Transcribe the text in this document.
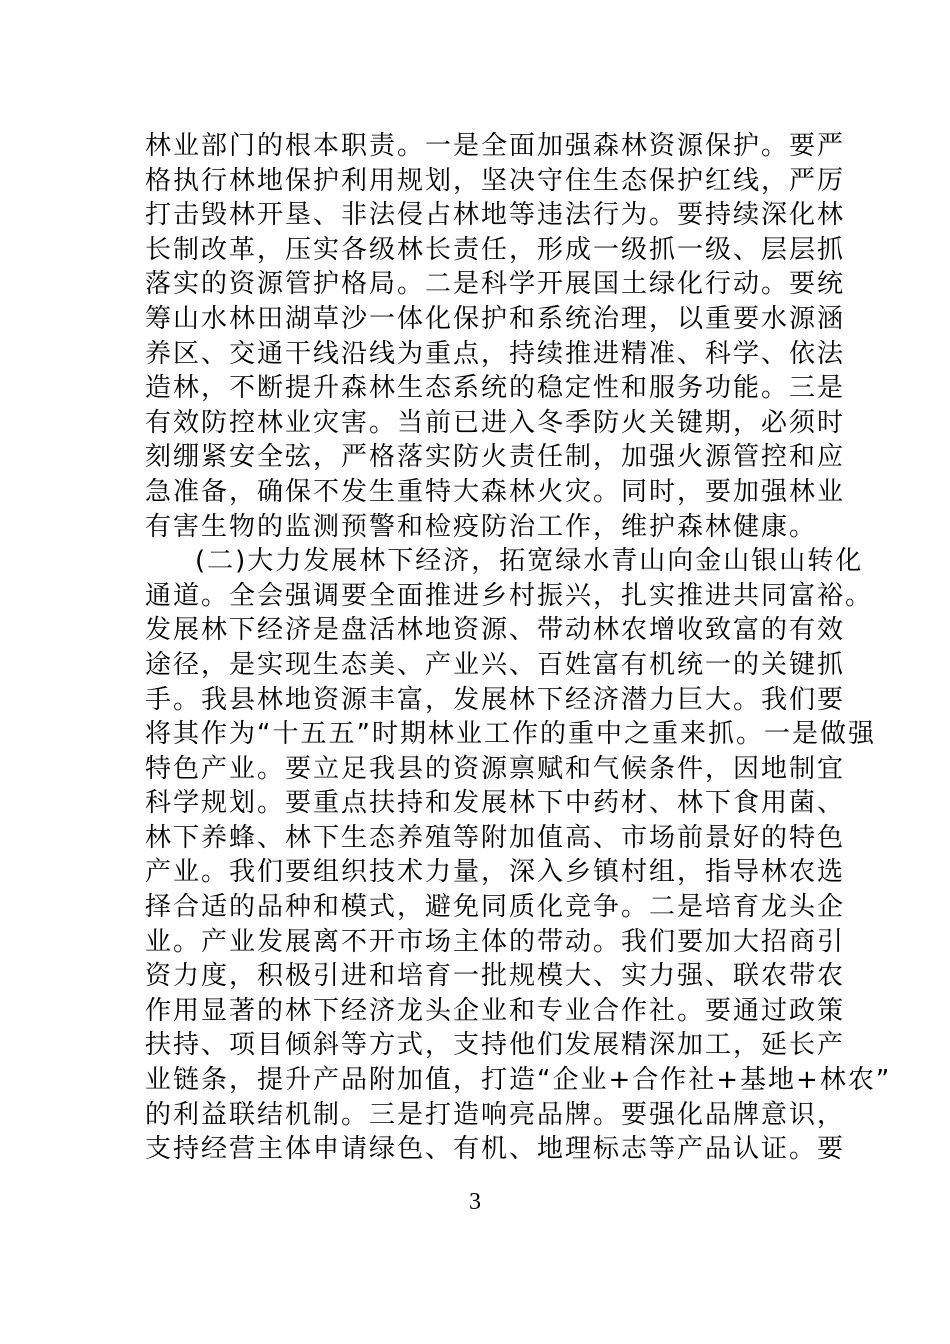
林业部门的根本职责。一是全面加强森林资源保护。要严
格执行林地保护利用规划，坚决守住生态保护红线，严厉
打击毁林开垦、非法侵占林地等违法行为。要持续深化林
长制改革，压实各级林长责任，形成一级抓一级、层层抓
落实的资源管护格局。二是科学开展国土绿化行动。要统
筹山水林田湖草沙一体化保护和系统治理，以重要水源涵
养区、交通干线沿线为重点，持续推进精准、科学、依法
造林，不断提升森林生态系统的稳定性和服务功能。三是
有效防控林业灾害。当前已进入冬季防火关键期，必须时
刻绷紧安全弦，严格落实防火责任制，加强火源管控和应
急准备，确保不发生重特大森林火灾。同时，要加强林业
有害生物的监测预警和检疫防治工作，维护森林健康。
(二)大力发展林下经济，拓宽绿水青山向金山银山转化
通道。全会强调要全面推进乡村振兴，扎实推进共同富裕。
发展林下经济是盘活林地资源、带动林农增收致富的有效
途径，是实现生态美、产业兴、百姓富有机统一的关键抓
手。我县林地资源丰富，发展林下经济潜力巨大。我们要
将其作为“十五五”时期林业工作的重中之重来抓。一是做强
特色产业。要立足我县的资源禀赋和气候条件，因地制宜
科学规划。要重点扶持和发展林下中药材、林下食用菌、
林下养蜂、林下生态养殖等附加值高、市场前景好的特色
产业。我们要组织技术力量，深入乡镇村组，指导林农选
择合适的品种和模式，避免同质化竞争。二是培育龙头企
业。产业发展离不开市场主体的带动。我们要加大招商引
资力度，积极引进和培育一批规模大、实力强、联农带农
作用显著的林下经济龙头企业和专业合作社。要通过政策
扶持、项目倾斜等方式，支持他们发展精深加工，延长产
业链条，提升产品附加值，打造“企业+合作社+基地+林农”
的利益联结机制。三是打造响亮品牌。要强化品牌意识，
支持经营主体申请绿色、有机、地理标志等产品认证。要
3
